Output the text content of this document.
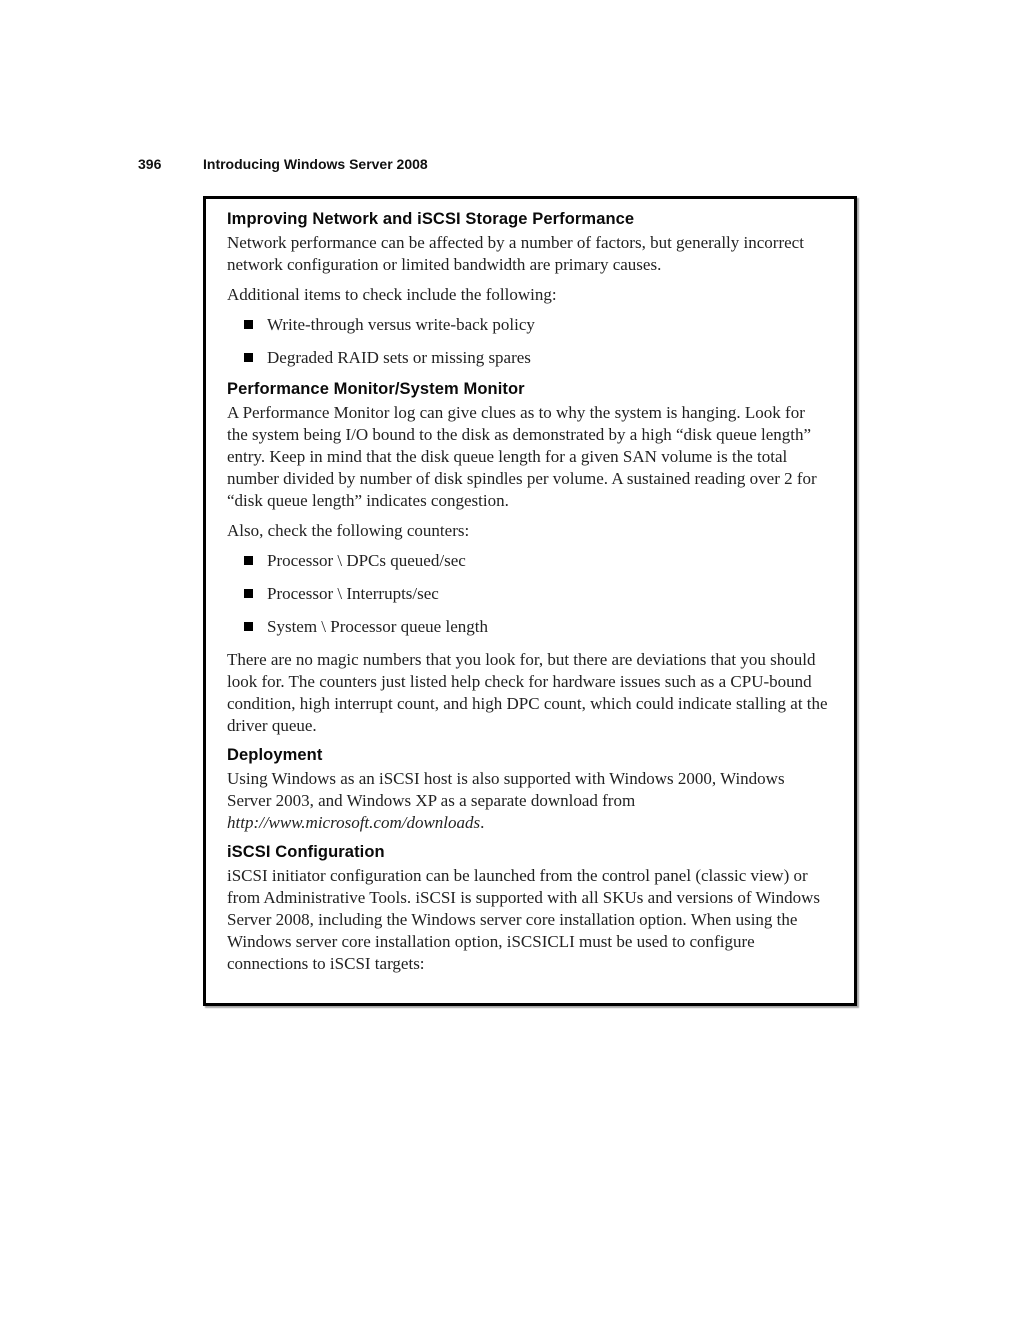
396	Introducing Windows Server 2008
Improving Network and iSCSI Storage Performance

Network performance can be affected by a number of factors, but generally incorrect network configuration or limited bandwidth are primary causes.

Additional items to check include the following:

Write-through versus write-back policy
Degraded RAID sets or missing spares
Performance Monitor/System Monitor

A Performance Monitor log can give clues as to why the system is hanging. Look for the system being I/O bound to the disk as demonstrated by a high “disk queue length” entry. Keep in mind that the disk queue length for a given SAN volume is the total number divided by number of disk spindles per volume. A sustained reading over 2 for “disk queue length” indicates congestion.

Also, check the following counters:

Processor \ DPCs queued/sec
Processor \ Interrupts/sec
System \ Processor queue length

There are no magic numbers that you look for, but there are deviations that you should look for. The counters just listed help check for hardware issues such as a CPU-bound condition, high interrupt count, and high DPC count, which could indicate stalling at the driver queue.

Deployment

Using Windows as an iSCSI host is also supported with Windows 2000, Windows Server 2003, and Windows XP as a separate download from http://www.microsoft.com/downloads.

iSCSI Configuration

iSCSI initiator configuration can be launched from the control panel (classic view) or from Administrative Tools. iSCSI is supported with all SKUs and versions of Windows Server 2008, including the Windows server core installation option. When using the Windows server core installation option, iSCSICLI must be used to configure connections to iSCSI targets:
